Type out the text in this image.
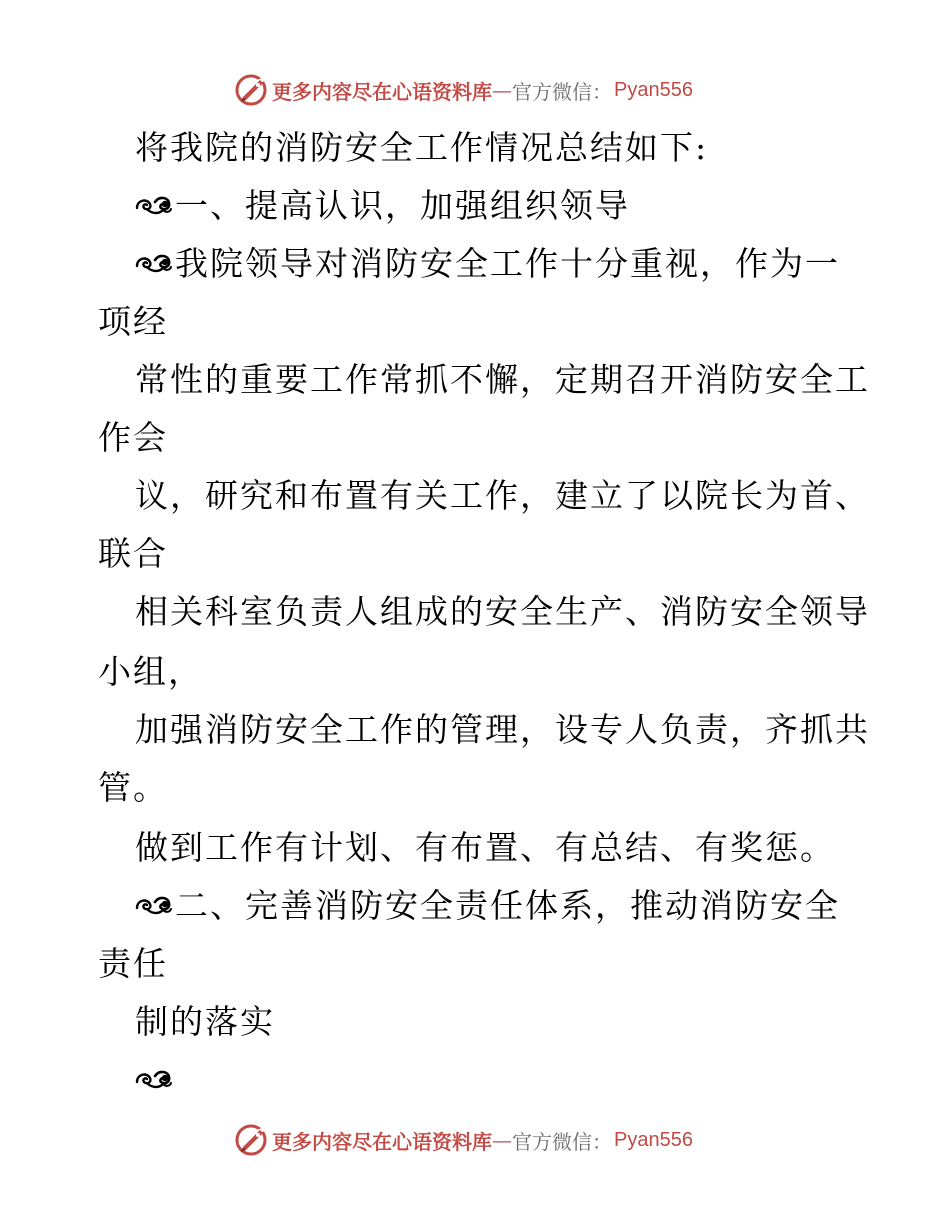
更多内容尽在心语资料库 — 官方微信： Pyan556
将我院的消防安全工作情况总结如下:
一、提高认识，加强组织领导
我院领导对消防安全工作十分重视，作为一
项经
常性的重要工作常抓不懈，定期召开消防安全工
作会
议，研究和布置有关工作，建立了以院长为首、
联合
相关科室负责人组成的安全生产、消防安全领导
小组，
加强消防安全工作的管理，设专人负责，齐抓共
管。
做到工作有计划、有布置、有总结、有奖惩。
二、完善消防安全责任体系，推动消防安全
责任
制的落实
更多内容尽在心语资料库 — 官方微信： Pyan556
